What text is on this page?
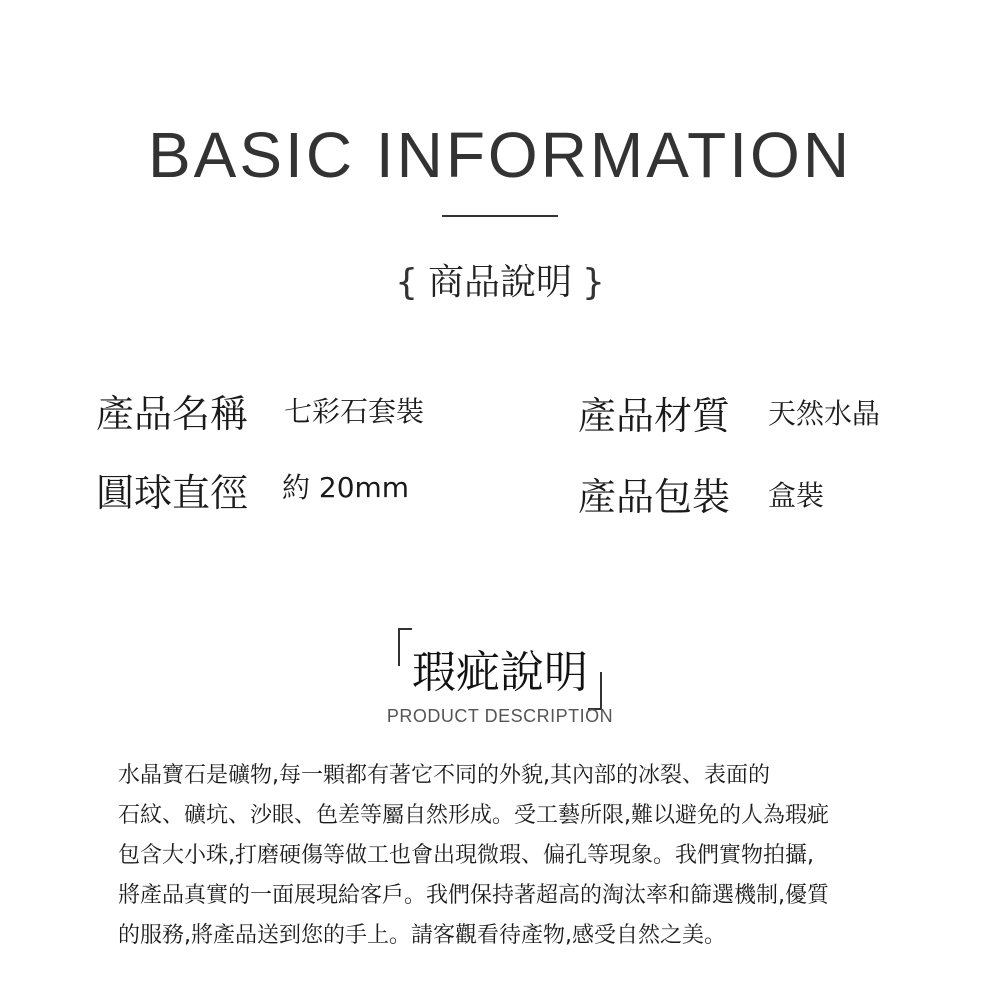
BASIC INFORMATION
{ 商品說明 }
產品名稱 七彩石套裝	產品材質 天然水晶
圓球直徑 約 20mm	產品包裝 盒裝
瑕疵說明
PRODUCT DESCRIPTION
水晶寶石是礦物,每一顆都有著它不同的外貌,其內部的冰裂、表面的
石紋、礦坑、沙眼、色差等屬自然形成。受工藝所限,難以避免的人為瑕疵
包含大小珠,打磨硬傷等做工也會出現微瑕、偏孔等現象。我們實物拍攝,
將產品真實的一面展現給客戶。我們保持著超高的淘汰率和篩選機制,優質
的服務,將產品送到您的手上。請客觀看待產物,感受自然之美。
